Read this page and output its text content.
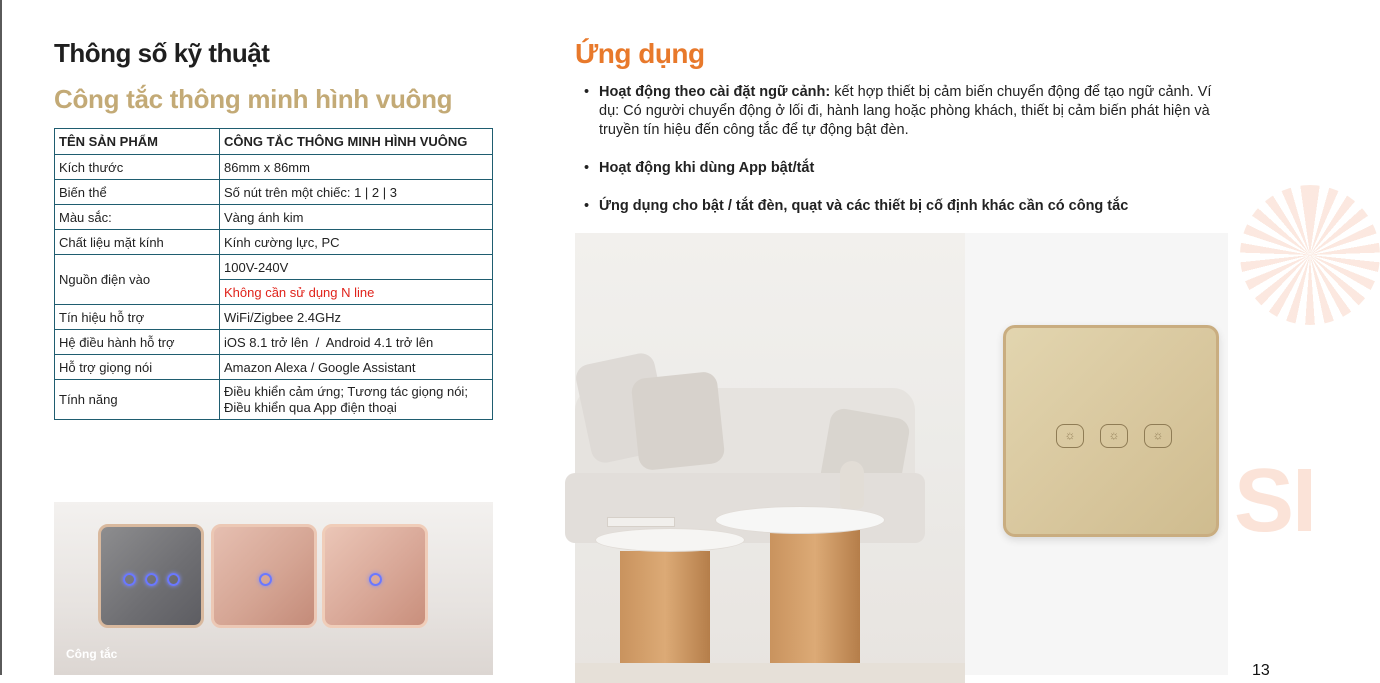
Thông số kỹ thuật
Công tắc thông minh hình vuông
TÊN SẢN PHẨM	CÔNG TẮC THÔNG MINH HÌNH VUÔNG
Kích thước	86mm x 86mm
Biến thể	Số nút trên một chiếc: 1 | 2 | 3
Màu sắc:	Vàng ánh kim
Chất liệu mặt kính	Kính cường lực, PC
Nguồn điện vào	100V-240V
	Không cần sử dụng N line
Tín hiệu hỗ trợ	WiFi/Zigbee 2.4GHz
Hệ điều hành hỗ trợ	iOS 8.1 trở lên  /  Android 4.1 trở lên
Hỗ trợ giọng nói	Amazon Alexa / Google Assistant
Tính năng	Điều khiển cảm ứng; Tương tác giọng nói;
Điều khiển qua App điện thoại
Công tắc
Ứng dụng
• Hoạt động theo cài đặt ngữ cảnh: kết hợp thiết bị cảm biến chuyển động để tạo ngữ cảnh. Ví dụ: Có người chuyển động ở lối đi, hành lang hoặc phòng khách, thiết bị cảm biến phát hiện và truyền tín hiệu đến công tắc để tự động bật đèn.
• Hoạt động khi dùng App bật/tắt
• Ứng dụng cho bật / tắt đèn, quạt và các thiết bị cố định khác cần có công tắc
☼	☼	☼
SI
13
